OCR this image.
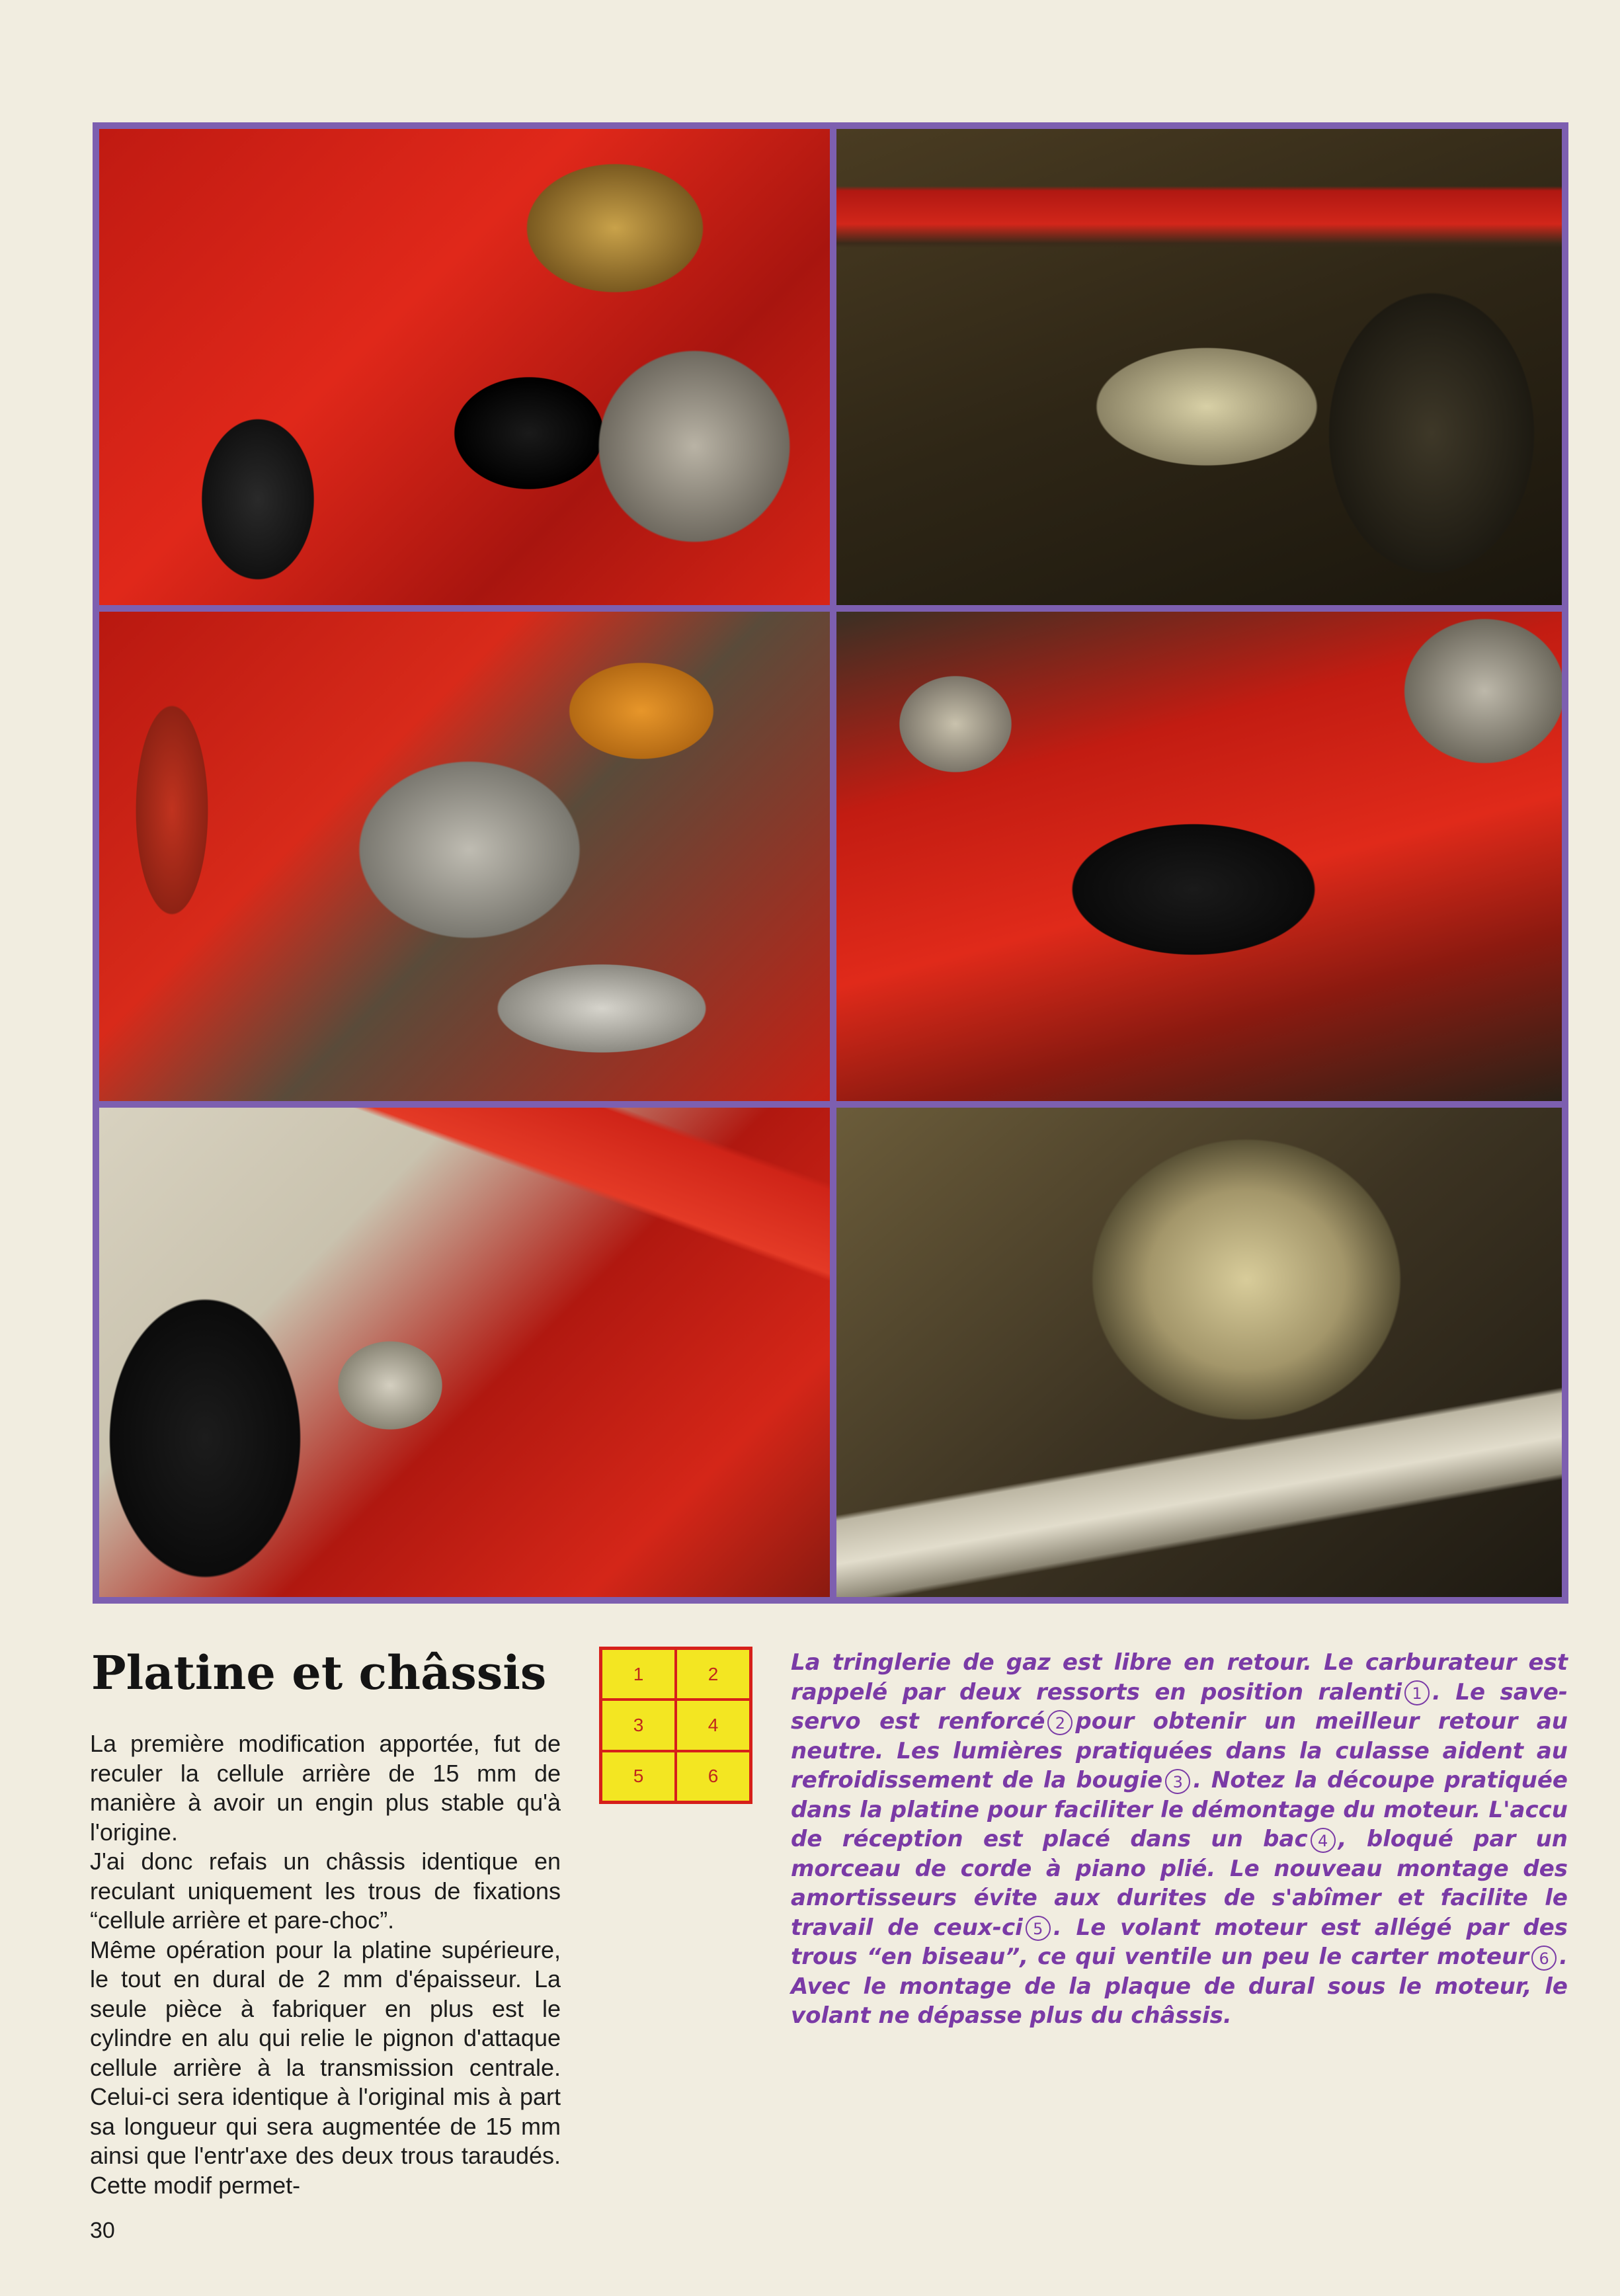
Platine et châssis

La première modification apportée, fut de reculer la cellule arrière de 15 mm de manière à avoir un engin plus stable qu'à l'origine.

J'ai donc refais un châssis identique en reculant uniquement les trous de fixations “cellule arrière et pare-choc”.

Même opération pour la platine supérieure, le tout en dural de 2 mm d'épaisseur. La seule pièce à fabriquer en plus est le cylindre en alu qui relie le pignon d'attaque cellule arrière à la transmission centrale. Celui-ci sera identique à l'original mis à part sa longueur qui sera augmentée de 15 mm ainsi que l'entr'axe des deux trous taraudés. Cette modif permet-

1	2
3	4
5	6

La tringlerie de gaz est libre en retour. Le carburateur est rappelé par deux ressorts en position ralenti 1 . Le save-servo est renforcé 2 pour obtenir un meilleur retour au neutre. Les lumières pratiquées dans la culasse aident au refroidissement de la bougie 3 . Notez la découpe pratiquée dans la platine pour faciliter le démontage du moteur. L'accu de réception est placé dans un bac 4 , bloqué par un morceau de corde à piano plié. Le nouveau montage des amortisseurs évite aux durites de s'abîmer et facilite le travail de ceux-ci 5 . Le volant moteur est allégé par des trous “en biseau”, ce qui ventile un peu le carter moteur 6 . Avec le montage de la plaque de dural sous le moteur, le volant ne dépasse plus du châssis.

30
